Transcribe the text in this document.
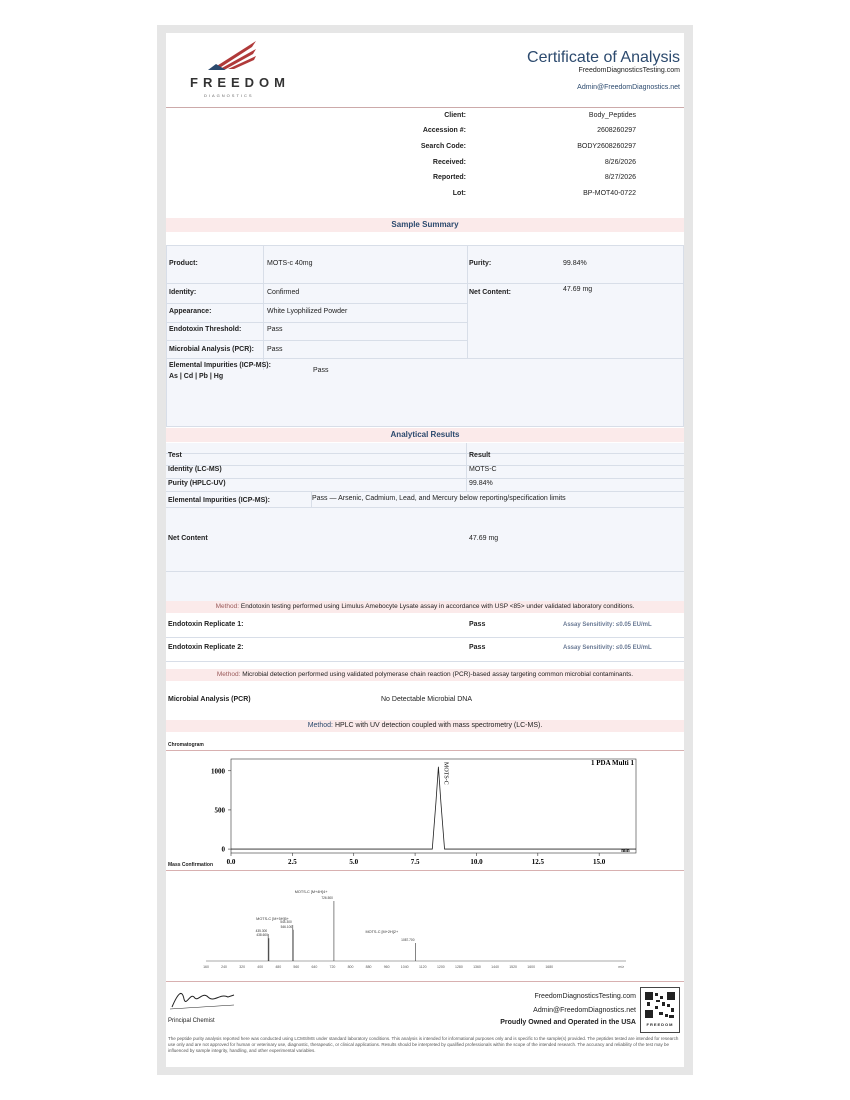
FREEDOM
DIAGNOSTICS
Certificate of Analysis
FreedomDiagnosticsTesting.com
Admin@FreedomDiagnostics.net
Client:	Body_Peptides
Accession #:	2608260297
Search Code:	BODY2608260297
Received:	8/26/2026
Reported:	8/27/2026
Lot:	BP-MOT40-0722
Sample Summary
Product:	MOTS-c 40mg	Purity:	99.84%
Identity:	Confirmed	Net Content:	47.69 mg
Appearance:	White Lyophilized Powder
Endotoxin Threshold:	Pass
Microbial Analysis (PCR): Pass
Elemental Impurities (ICP-MS):
As | Cd | Pb | Hg
Pass
Analytical Results
Test	Result
Identity (LC-MS)	MOTS-C
Purity (HPLC-UV)	99.84%
Elemental Impurities (ICP-MS):	Pass — Arsenic, Cadmium, Lead, and Mercury below reporting/specification limits
Net Content	47.69 mg
Method: Endotoxin testing performed using Limulus Amebocyte Lysate assay in accordance with USP <85> under validated laboratory conditions.
Endotoxin Replicate 1:	Pass	Assay Sensitivity: ≤0.05 EU/mL
Endotoxin Replicate 2:	Pass	Assay Sensitivity: ≤0.05 EU/mL
Method: Microbial detection performed using validated polymerase chain reaction (PCR)-based assay targeting common microbial contaminants.
Microbial Analysis (PCR)	No Detectable Microbial DNA
Method: HPLC with UV detection coupled with mass spectrometry (LC-MS).
Chromatogram
0.0	2.5	5.0	7.5	10.0	12.5	15.0
0
500
1000
min
1 PDA Multi 1
MOTS-C
Mass Confirmation
160	240	320	400	480	560	640	720	800	880	960	1040	1120	1200	1280	1360	1440	1520	1600	1680	m/z
435.300
438.600
544.300
546.100
726.500
1087.700
MOTS-C [M+5H]5+
MOTS-C [M+4H]4+
MOTS-C [M+2H]2+
Principal Chemist
FreedomDiagnosticsTesting.com
Admin@FreedomDiagnostics.net
Proudly Owned and Operated in the USA	FREEDOM
The peptide purity analysis reported here was conducted using LCMS/MS under standard laboratory conditions. This analysis is intended for informational purposes only and is specific to the sample(s) provided. The peptides tested are intended for research use only and are not approved for human or veterinary use, diagnostic, therapeutic, or clinical applications. Results should be interpreted by qualified professionals within the scope of the intended research. The accuracy and reliability of the test may be influenced by sample integrity, handling, and other experimental variables.
